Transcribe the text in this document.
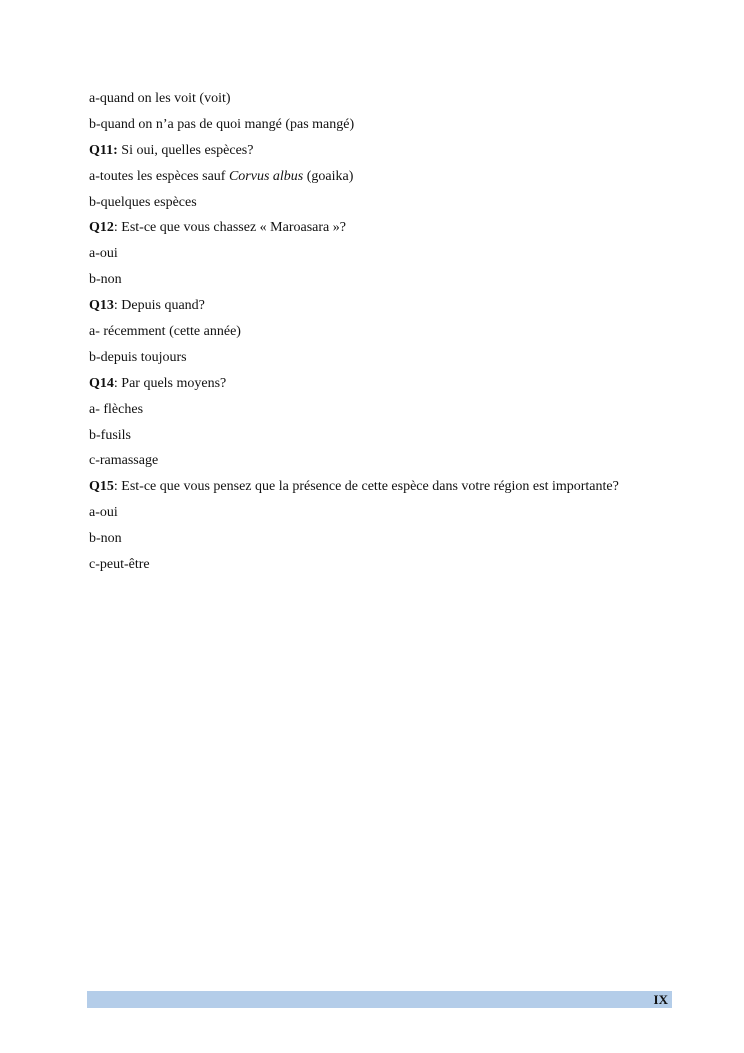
a-quand on les voit (voit)
b-quand on n’a pas de quoi mangé (pas mangé)
Q11: Si oui, quelles espèces?
a-toutes les espèces sauf Corvus albus (goaika)
b-quelques espèces
Q12: Est-ce que vous chassez « Maroasara »?
a-oui
b-non
Q13: Depuis quand?
a- récemment (cette année)
b-depuis toujours
Q14: Par quels moyens?
a- flèches
b-fusils
c-ramassage
Q15: Est-ce que vous pensez que la présence de cette espèce dans votre région est importante?
a-oui
b-non
c-peut-être
IX
